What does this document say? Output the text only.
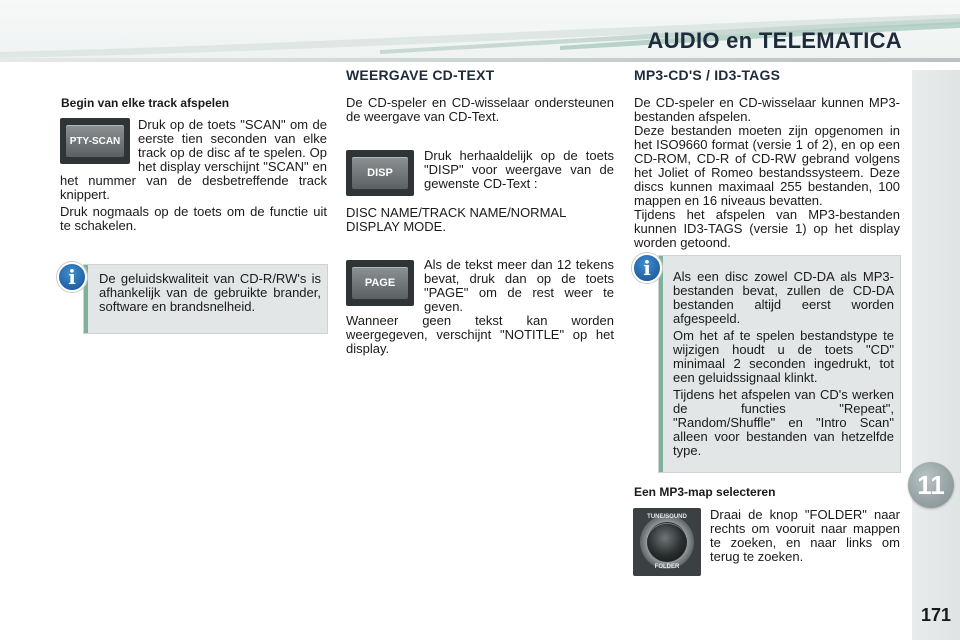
AUDIO en TELEMATICA
11
171
Begin van elke track afspelen
PTY-SCAN
Druk op de toets "SCAN" om de eerste tien seconden van elke track op de disc af te spelen. Op het display verschijnt "SCAN" en het nummer van de desbetreffende track knippert.
Druk nogmaals op de toets om de functie uit te schakelen.
De geluidskwaliteit van CD-R/RW's is afhankelijk van de gebruikte brander, software en brandsnelheid.
i
WEERGAVE CD-TEXT
De CD-speler en CD-wisselaar ondersteunen de weergave van CD-Text.
DISP
Druk herhaaldelijk op de toets "DISP" voor weergave van de gewenste CD-Text :
DISC NAME/TRACK NAME/NORMAL DISPLAY MODE.
PAGE
Als de tekst meer dan 12 tekens bevat, druk dan op de toets "PAGE" om de rest weer te geven.
Wanneer geen tekst kan worden weergegeven, verschijnt "NOTITLE" op het display.
MP3-CD'S / ID3-TAGS
De CD-speler en CD-wisselaar kunnen MP3-bestanden afspelen.
Deze bestanden moeten zijn opgenomen in het ISO9660 format (versie 1 of 2), en op een CD-ROM, CD-R of CD-RW gebrand volgens het Joliet of Romeo bestandssysteem. Deze discs kunnen maximaal 255 bestanden, 100 mappen en 16 niveaus bevatten.
Tijdens het afspelen van MP3-bestanden kunnen ID3-TAGS (versie 1) op het display worden getoond.
Als een disc zowel CD-DA als MP3- bestanden bevat, zullen de CD-DA bestanden altijd eerst worden afgespeeld.
Om het af te spelen bestandstype te wijzigen houdt u de toets "CD" minimaal 2 seconden ingedrukt, tot een geluidssignaal klinkt.
Tijdens het afspelen van CD's werken de functies "Repeat", "Random/Shuffle" en "Intro Scan" alleen voor bestanden van hetzelfde type.
i
Een MP3-map selecteren
TUNE/SOUND
FOLDER
Draai de knop "FOLDER" naar rechts om vooruit naar mappen te zoeken, en naar links om terug te zoeken.
